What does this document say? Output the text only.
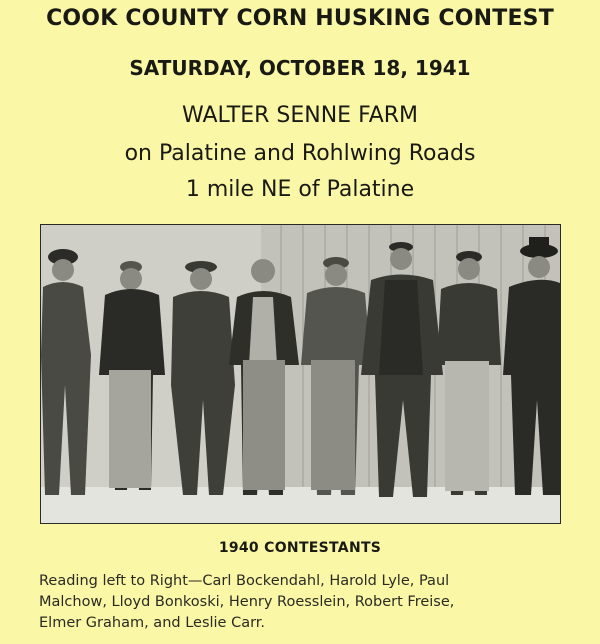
COOK COUNTY CORN HUSKING CONTEST
SATURDAY, OCTOBER 18, 1941
WALTER SENNE FARM
on Palatine and Rohlwing Roads
1 mile NE of Palatine
1940 CONTESTANTS
Reading left to Right—Carl Bockendahl, Harold Lyle, Paul
Malchow, Lloyd Bonkoski, Henry Roesslein, Robert Freise,
Elmer Graham, and Leslie Carr.
